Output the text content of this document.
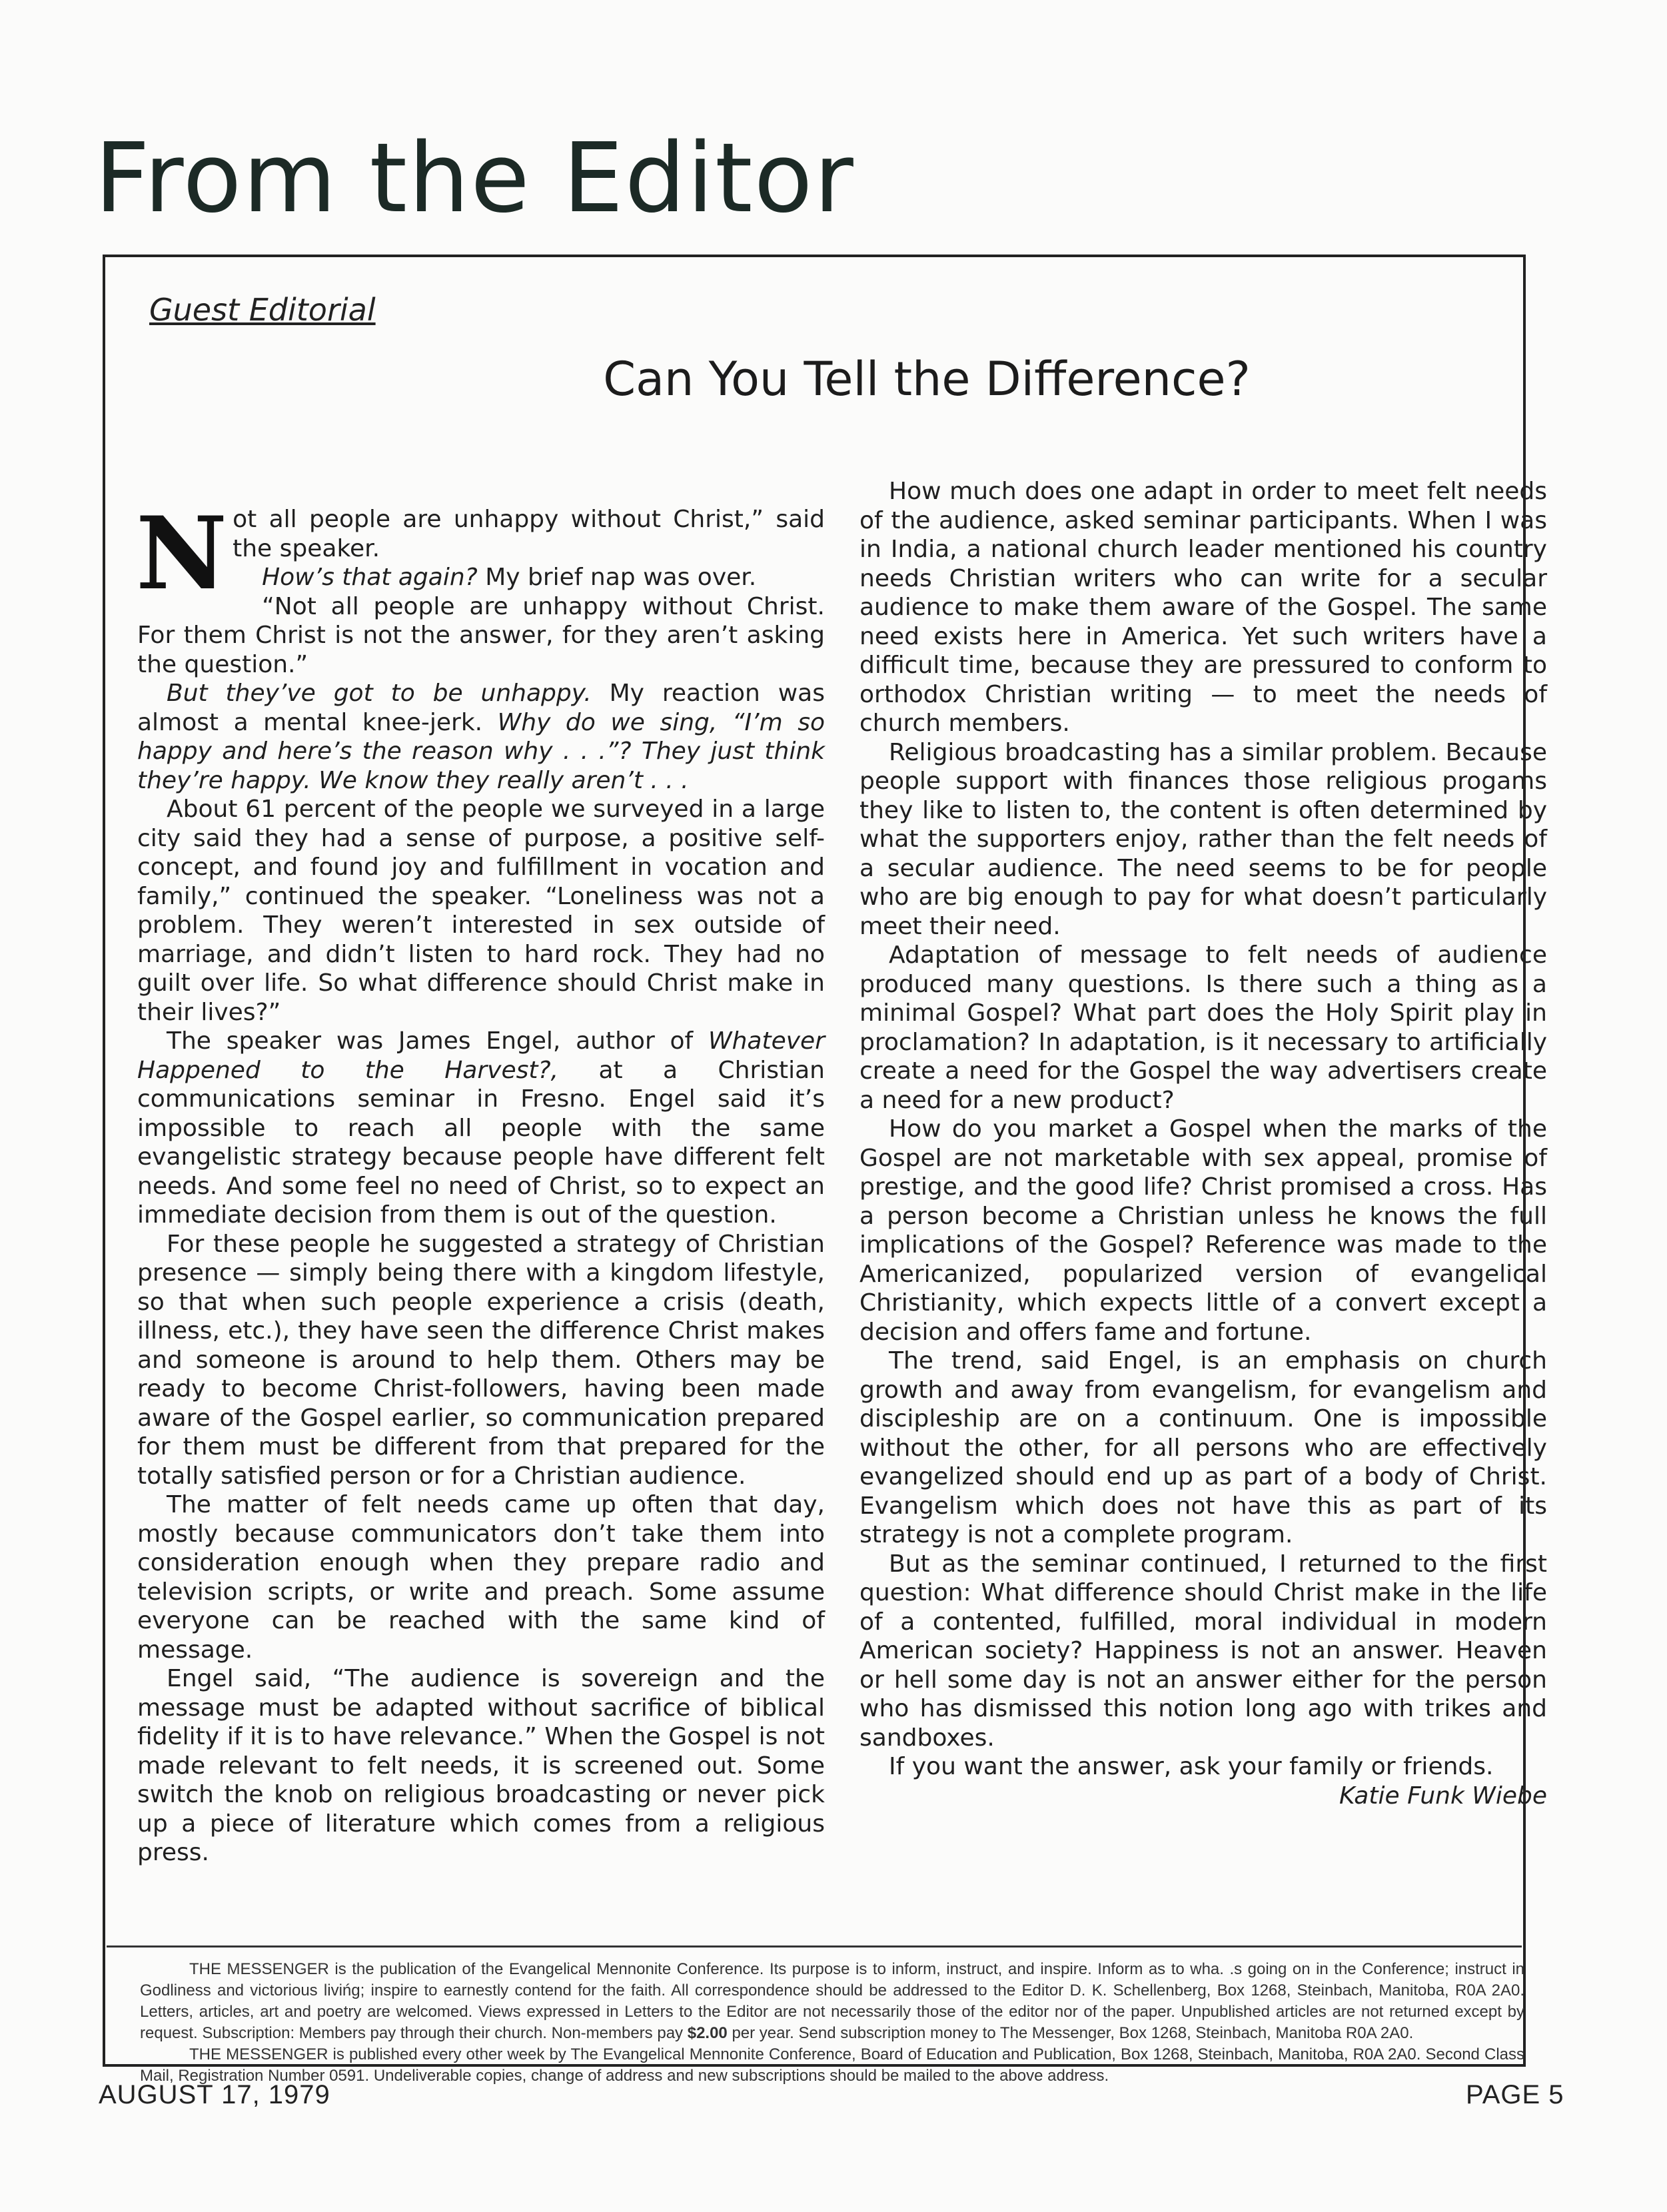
From the Editor

Guest Editorial

Can You Tell the Difference?
N ot all people are unhappy without Christ,” said the speaker.

How’s that again? My brief nap was over.

“Not all people are unhappy without Christ. For them Christ is not the answer, for they aren’t asking the question.”

But they’ve got to be unhappy. My reaction was almost a mental knee-jerk. Why do we sing, “I’m so happy and here’s the reason why . . .”? They just think they’re happy. We know they really aren’t . . .

About 61 percent of the people we surveyed in a large city said they had a sense of purpose, a positive self-concept, and found joy and fulfillment in vocation and family,” continued the speaker. “Loneliness was not a problem. They weren’t interested in sex outside of marriage, and didn’t listen to hard rock. They had no guilt over life. So what difference should Christ make in their lives?”

The speaker was James Engel, author of Whatever Happened to the Harvest?, at a Christian communications seminar in Fresno. Engel said it’s impossible to reach all people with the same evangelistic strategy because people have different felt needs. And some feel no need of Christ, so to expect an immediate decision from them is out of the question.

For these people he suggested a strategy of Christian presence — simply being there with a kingdom lifestyle, so that when such people experience a crisis (death, illness, etc.), they have seen the difference Christ makes and someone is around to help them. Others may be ready to become Christ-followers, having been made aware of the Gospel earlier, so communication prepared for them must be different from that prepared for the totally satisfied person or for a Christian audience.

The matter of felt needs came up often that day, mostly because communicators don’t take them into consideration enough when they prepare radio and television scripts, or write and preach. Some assume everyone can be reached with the same kind of message.

Engel said, “The audience is sovereign and the message must be adapted without sacrifice of biblical fidelity if it is to have relevance.” When the Gospel is not made relevant to felt needs, it is screened out. Some switch the knob on religious broadcasting or never pick up a piece of literature which comes from a religious press.

How much does one adapt in order to meet felt needs of the audience, asked seminar participants. When I was in India, a national church leader mentioned his country needs Christian writers who can write for a secular audience to make them aware of the Gospel. The same need exists here in America. Yet such writers have a difficult time, because they are pressured to conform to orthodox Christian writing — to meet the needs of church members.

Religious broadcasting has a similar problem. Because people support with finances those religious progams they like to listen to, the content is often determined by what the supporters enjoy, rather than the felt needs of a secular audience. The need seems to be for people who are big enough to pay for what doesn’t particularly meet their need.

Adaptation of message to felt needs of audience produced many questions. Is there such a thing as a minimal Gospel? What part does the Holy Spirit play in proclamation? In adaptation, is it necessary to artificially create a need for the Gospel the way advertisers create a need for a new product?

How do you market a Gospel when the marks of the Gospel are not marketable with sex appeal, promise of prestige, and the good life? Christ promised a cross. Has a person become a Christian unless he knows the full implications of the Gospel? Reference was made to the Americanized, popularized version of evangelical Christianity, which expects little of a convert except a decision and offers fame and fortune.

The trend, said Engel, is an emphasis on church growth and away from evangelism, for evangelism and discipleship are on a continuum. One is impossible without the other, for all persons who are effectively evangelized should end up as part of a body of Christ. Evangelism which does not have this as part of its strategy is not a complete program.

But as the seminar continued, I returned to the first question: What difference should Christ make in the life of a contented, fulfilled, moral individual in modern American society? Happiness is not an answer. Heaven or hell some day is not an answer either for the person who has dismissed this notion long ago with trikes and sandboxes.

If you want the answer, ask your family or friends.

Katie Funk Wiebe

THE MESSENGER is the publication of the Evangelical Mennonite Conference. Its purpose is to inform, instruct, and inspire. Inform as to wha. .s going on in the Conference; instruct in Godliness and victorious livińg; inspire to earnestly contend for the faith. All correspondence should be addressed to the Editor D. K. Schellenberg, Box 1268, Steinbach, Manitoba, R0A 2A0. Letters, articles, art and poetry are welcomed. Views expressed in Letters to the Editor are not necessarily those of the editor nor of the paper. Unpublished articles are not returned except by request. Subscription: Members pay through their church. Non-members pay $2.00 per year. Send subscription money to The Messenger, Box 1268, Steinbach, Manitoba R0A 2A0.

THE MESSENGER is published every other week by The Evangelical Mennonite Conference, Board of Education and Publication, Box 1268, Steinbach, Manitoba, R0A 2A0. Second Class Mail, Registration Number 0591. Undeliverable copies, change of address and new subscriptions should be mailed to the above address.

AUGUST 17, 1979	PAGE 5
